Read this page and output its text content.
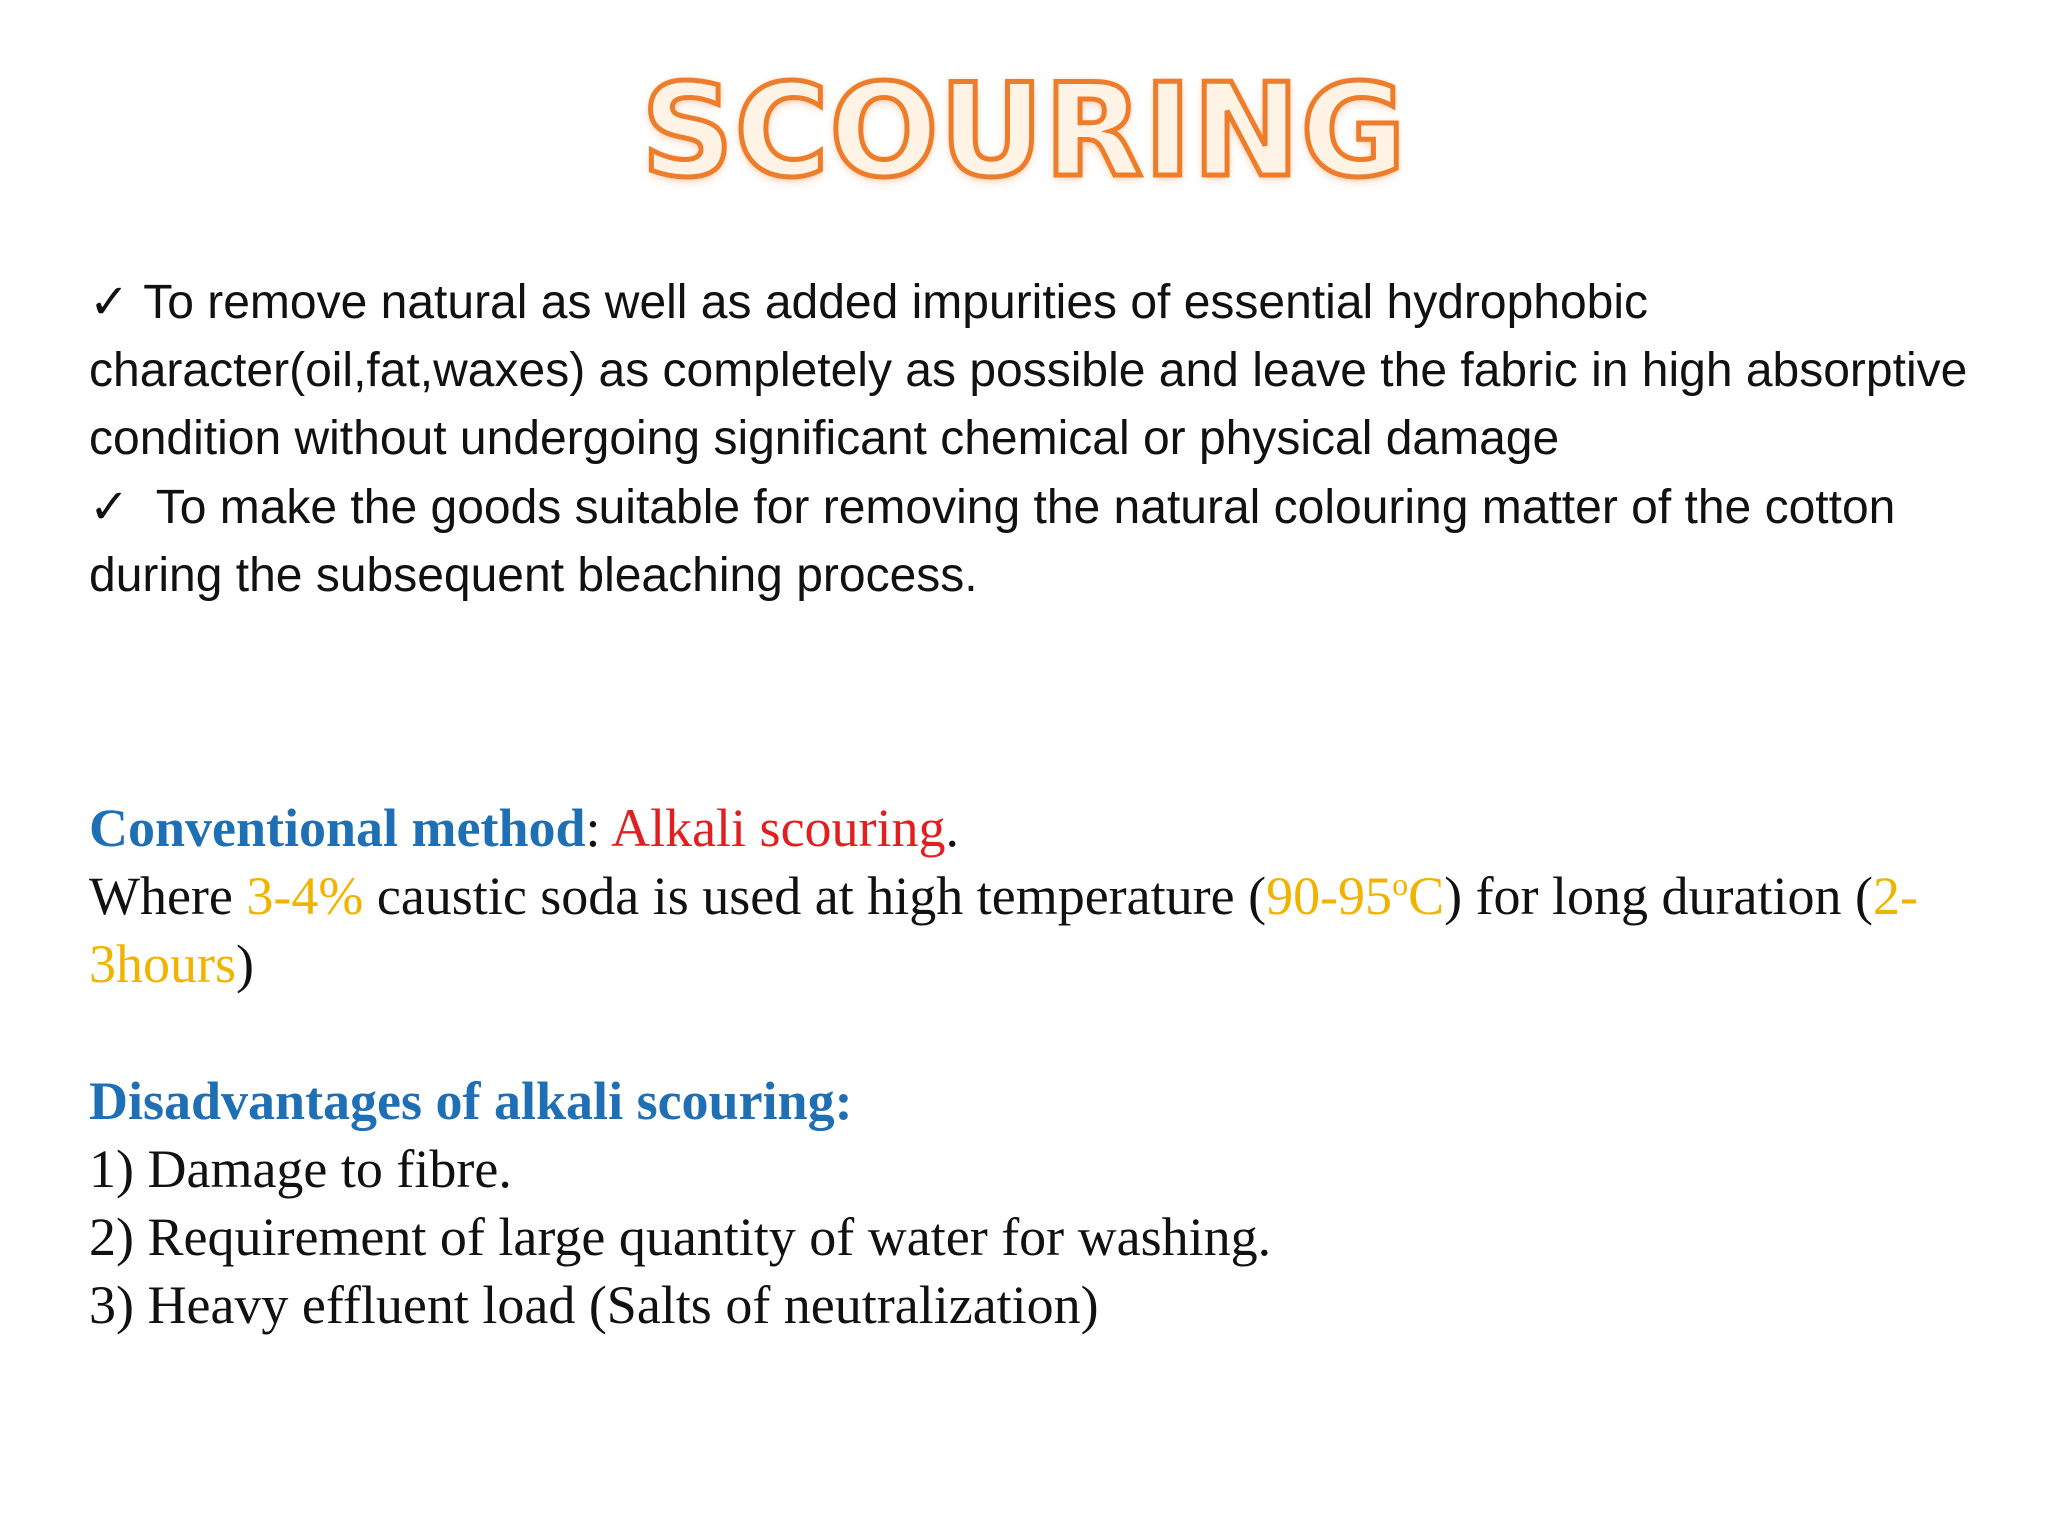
SCOURING

✓ To remove natural as well as added impurities of essential hydrophobic character(oil,fat,waxes) as completely as possible and leave the fabric in high absorptive condition without undergoing significant chemical or physical damage

✓ To make the goods suitable for removing the natural colouring matter of the cotton during the subsequent bleaching process.

Conventional method: Alkali scouring.

Where 3-4% caustic soda is used at high temperature (90-95$^o$C) for long duration (2-3hours)

Disadvantages of alkali scouring:

1) Damage to fibre.

2) Requirement of large quantity of water for washing.

3) Heavy effluent load (Salts of neutralization)
